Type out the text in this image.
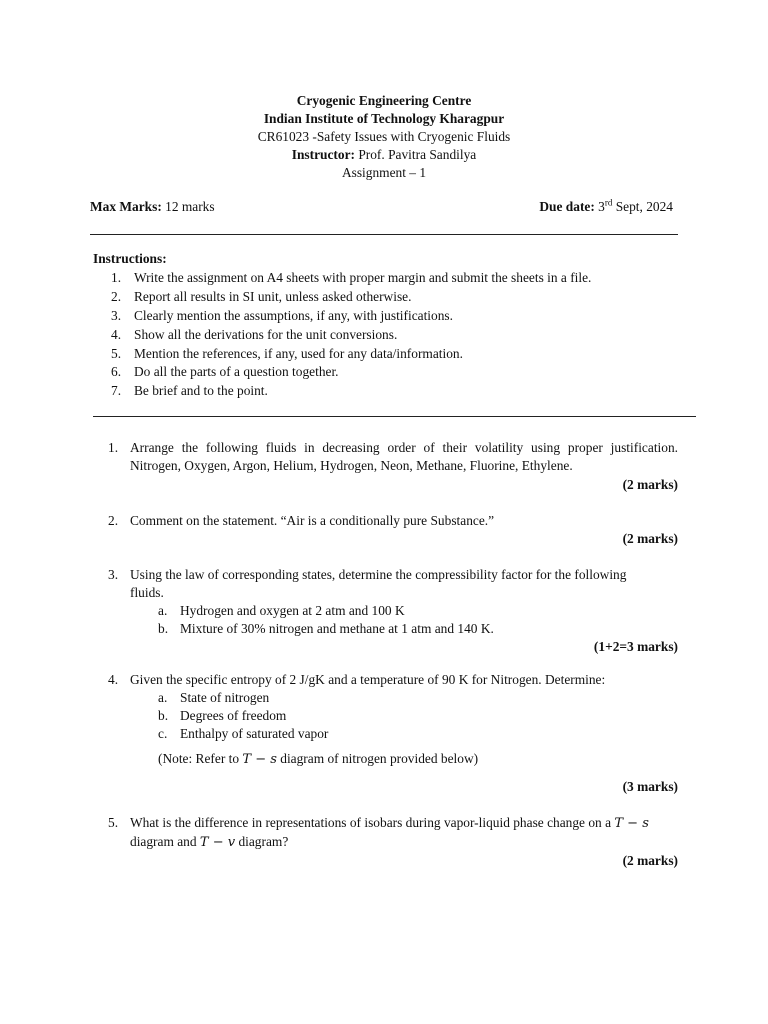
Cryogenic Engineering Centre
Indian Institute of Technology Kharagpur
CR61023 -Safety Issues with Cryogenic Fluids
Instructor: Prof. Pavitra Sandilya
Assignment – 1
Max Marks: 12 marks	Due date: 3rd Sept, 2024
Instructions:
1. Write the assignment on A4 sheets with proper margin and submit the sheets in a file.
2. Report all results in SI unit, unless asked otherwise.
3. Clearly mention the assumptions, if any, with justifications.
4. Show all the derivations for the unit conversions.
5. Mention the references, if any, used for any data/information.
6. Do all the parts of a question together.
7. Be brief and to the point.
1. Arrange the following fluids in decreasing order of their volatility using proper justification. Nitrogen, Oxygen, Argon, Helium, Hydrogen, Neon, Methane, Fluorine, Ethylene.
(2 marks)
2. Comment on the statement. “Air is a conditionally pure Substance.”
(2 marks)
3. Using the law of corresponding states, determine the compressibility factor for the following fluids.
a. Hydrogen and oxygen at 2 atm and 100 K
b. Mixture of 30% nitrogen and methane at 1 atm and 140 K.
(1+2=3 marks)
4. Given the specific entropy of 2 J/gK and a temperature of 90 K for Nitrogen. Determine:
a. State of nitrogen
b. Degrees of freedom
c. Enthalpy of saturated vapor
(Note: Refer to T − s diagram of nitrogen provided below)
(3 marks)
5. What is the difference in representations of isobars during vapor-liquid phase change on a T − s
diagram and T − v diagram?
(2 marks)
